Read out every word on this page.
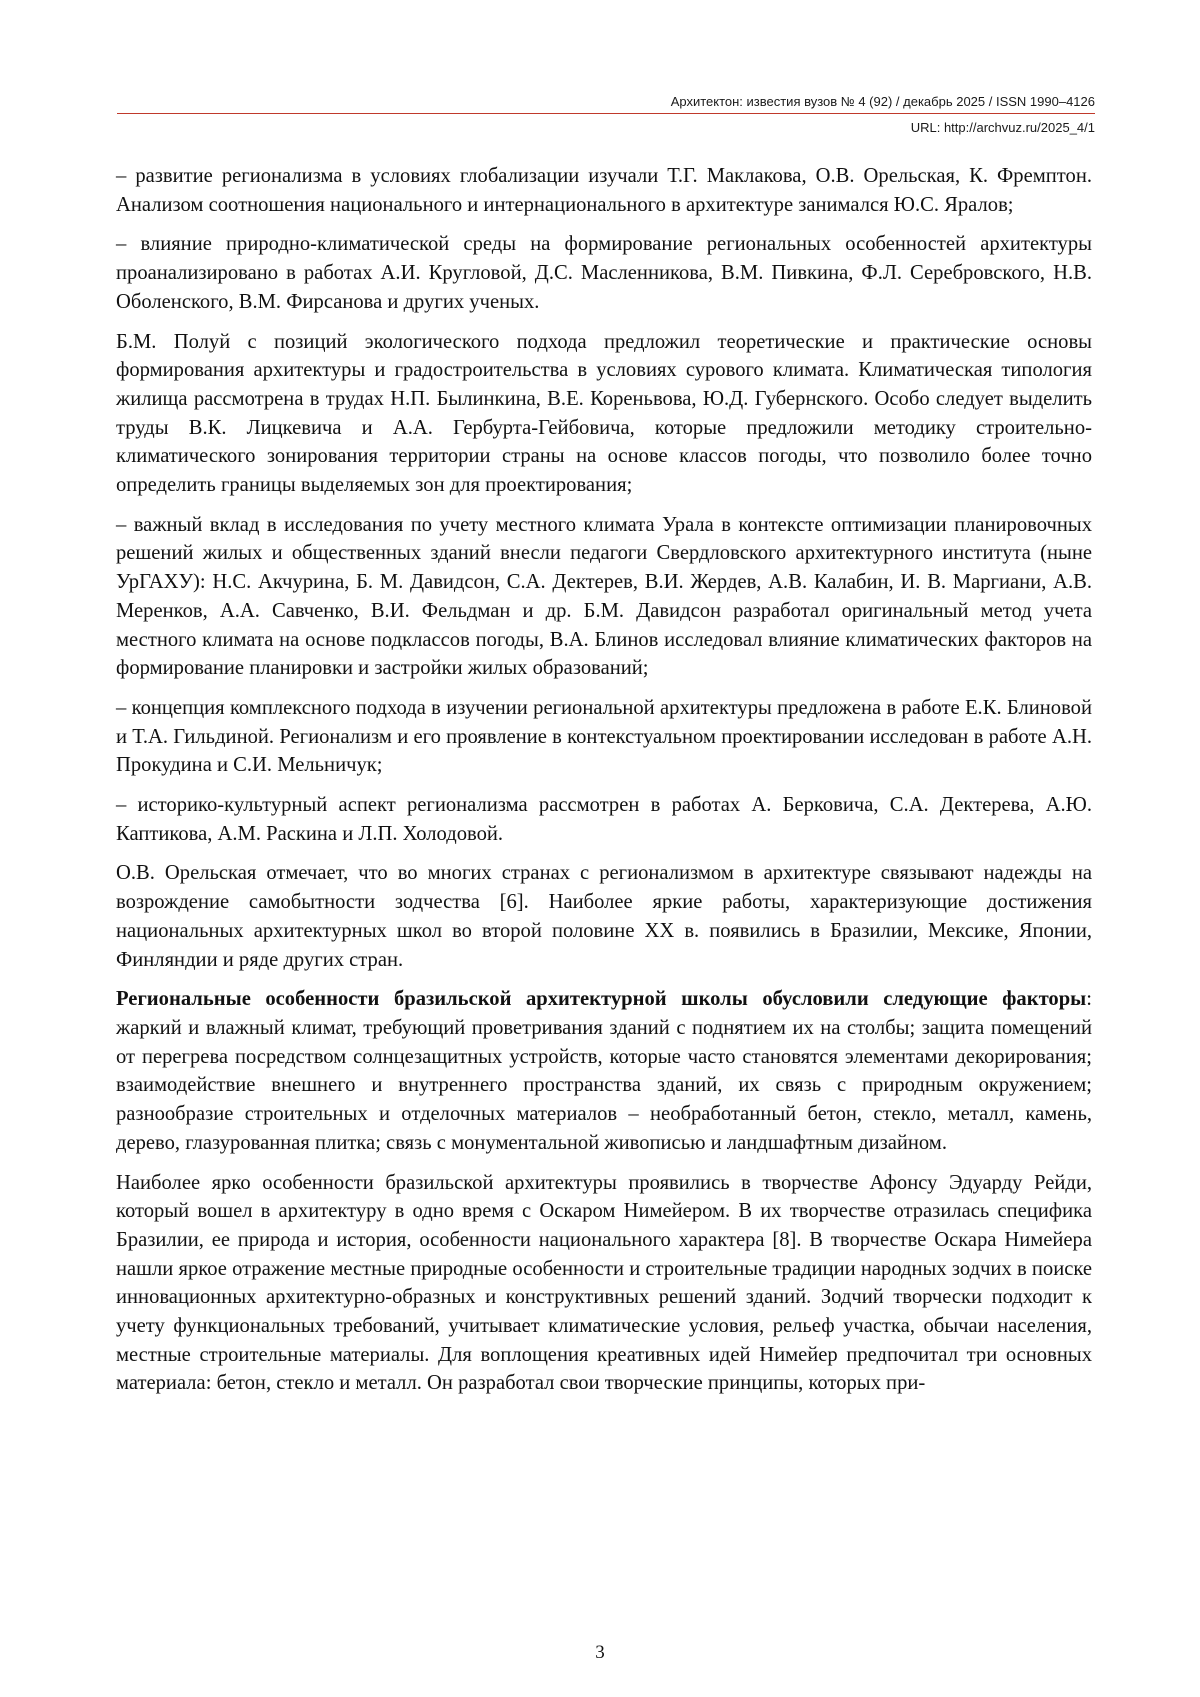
Архитектон: известия вузов № 4 (92) / декабрь 2025 / ISSN 1990–4126
URL: http://archvuz.ru/2025_4/1

– развитие регионализма в условиях глобализации изучали Т.Г. Маклакова, О.В. Орельская, К. Фремптон. Анализом соотношения национального и интернационального в архитектуре занимался Ю.С. Яралов;

– влияние природно-климатической среды на формирование региональных особенностей архитектуры проанализировано в работах А.И. Кругловой, Д.С. Масленникова, В.М. Пивкина, Ф.Л. Серебровского, Н.В. Оболенского, В.М. Фирсанова и других ученых.

Б.М. Полуй с позиций экологического подхода предложил теоретические и практические основы формирования архитектуры и градостроительства в условиях сурового климата. Климатическая типология жилища рассмотрена в трудах Н.П. Былинкина, В.Е. Кореньвова, Ю.Д. Губернского. Особо следует выделить труды В.К. Лицкевича и А.А. Гербурта-Гейбовича, которые предложили методику строительно-климатического зонирования территории страны на основе классов погоды, что позволило более точно определить границы выделяемых зон для проектирования;

– важный вклад в исследования по учету местного климата Урала в контексте оптимизации планировочных решений жилых и общественных зданий внесли педагоги Свердловского архитектурного института (ныне УрГАХУ): Н.С. Акчурина, Б. М. Давидсон, С.А. Дектерев, В.И. Жердев, А.В. Калабин, И. В. Маргиани, А.В. Меренков, А.А. Савченко, В.И. Фельдман и др. Б.М. Давидсон разработал оригинальный метод учета местного климата на основе подклассов погоды, В.А. Блинов исследовал влияние климатических факторов на формирование планировки и застройки жилых образований;

– концепция комплексного подхода в изучении региональной архитектуры предложена в работе Е.К. Блиновой и Т.А. Гильдиной. Регионализм и его проявление в контекстуальном проектировании исследован в работе А.Н. Прокудина и С.И. Мельничук;

– историко-культурный аспект регионализма рассмотрен в работах А. Берковича, С.А. Дектерева, А.Ю. Каптикова, А.М. Раскина и Л.П. Холодовой.

О.В. Орельская отмечает, что во многих странах с регионализмом в архитектуре связывают надежды на возрождение самобытности зодчества [6]. Наиболее яркие работы, характеризующие достижения национальных архитектурных школ во второй половине XX в. появились в Бразилии, Мексике, Японии, Финляндии и ряде других стран.

Региональные особенности бразильской архитектурной школы обусловили следующие факторы: жаркий и влажный климат, требующий проветривания зданий с поднятием их на столбы; защита помещений от перегрева посредством солнцезащитных устройств, которые часто становятся элементами декорирования; взаимодействие внешнего и внутреннего пространства зданий, их связь с природным окружением; разнообразие строительных и отделочных материалов – необработанный бетон, стекло, металл, камень, дерево, глазурованная плитка; связь с монументальной живописью и ландшафтным дизайном.

Наиболее ярко особенности бразильской архитектуры проявились в творчестве Афонсу Эдуарду Рейди, который вошел в архитектуру в одно время с Оскаром Нимейером. В их творчестве отразилась специфика Бразилии, ее природа и история, особенности национального характера [8]. В творчестве Оскара Нимейера нашли яркое отражение местные природные особенности и строительные традиции народных зодчих в поиске инновационных архитектурно-образных и конструктивных решений зданий. Зодчий творчески подходит к учету функциональных требований, учитывает климатические условия, рельеф участка, обычаи населения, местные строительные материалы. Для воплощения креативных идей Нимейер предпочитал три основных материала: бетон, стекло и металл. Он разработал свои творческие принципы, которых при-

3
